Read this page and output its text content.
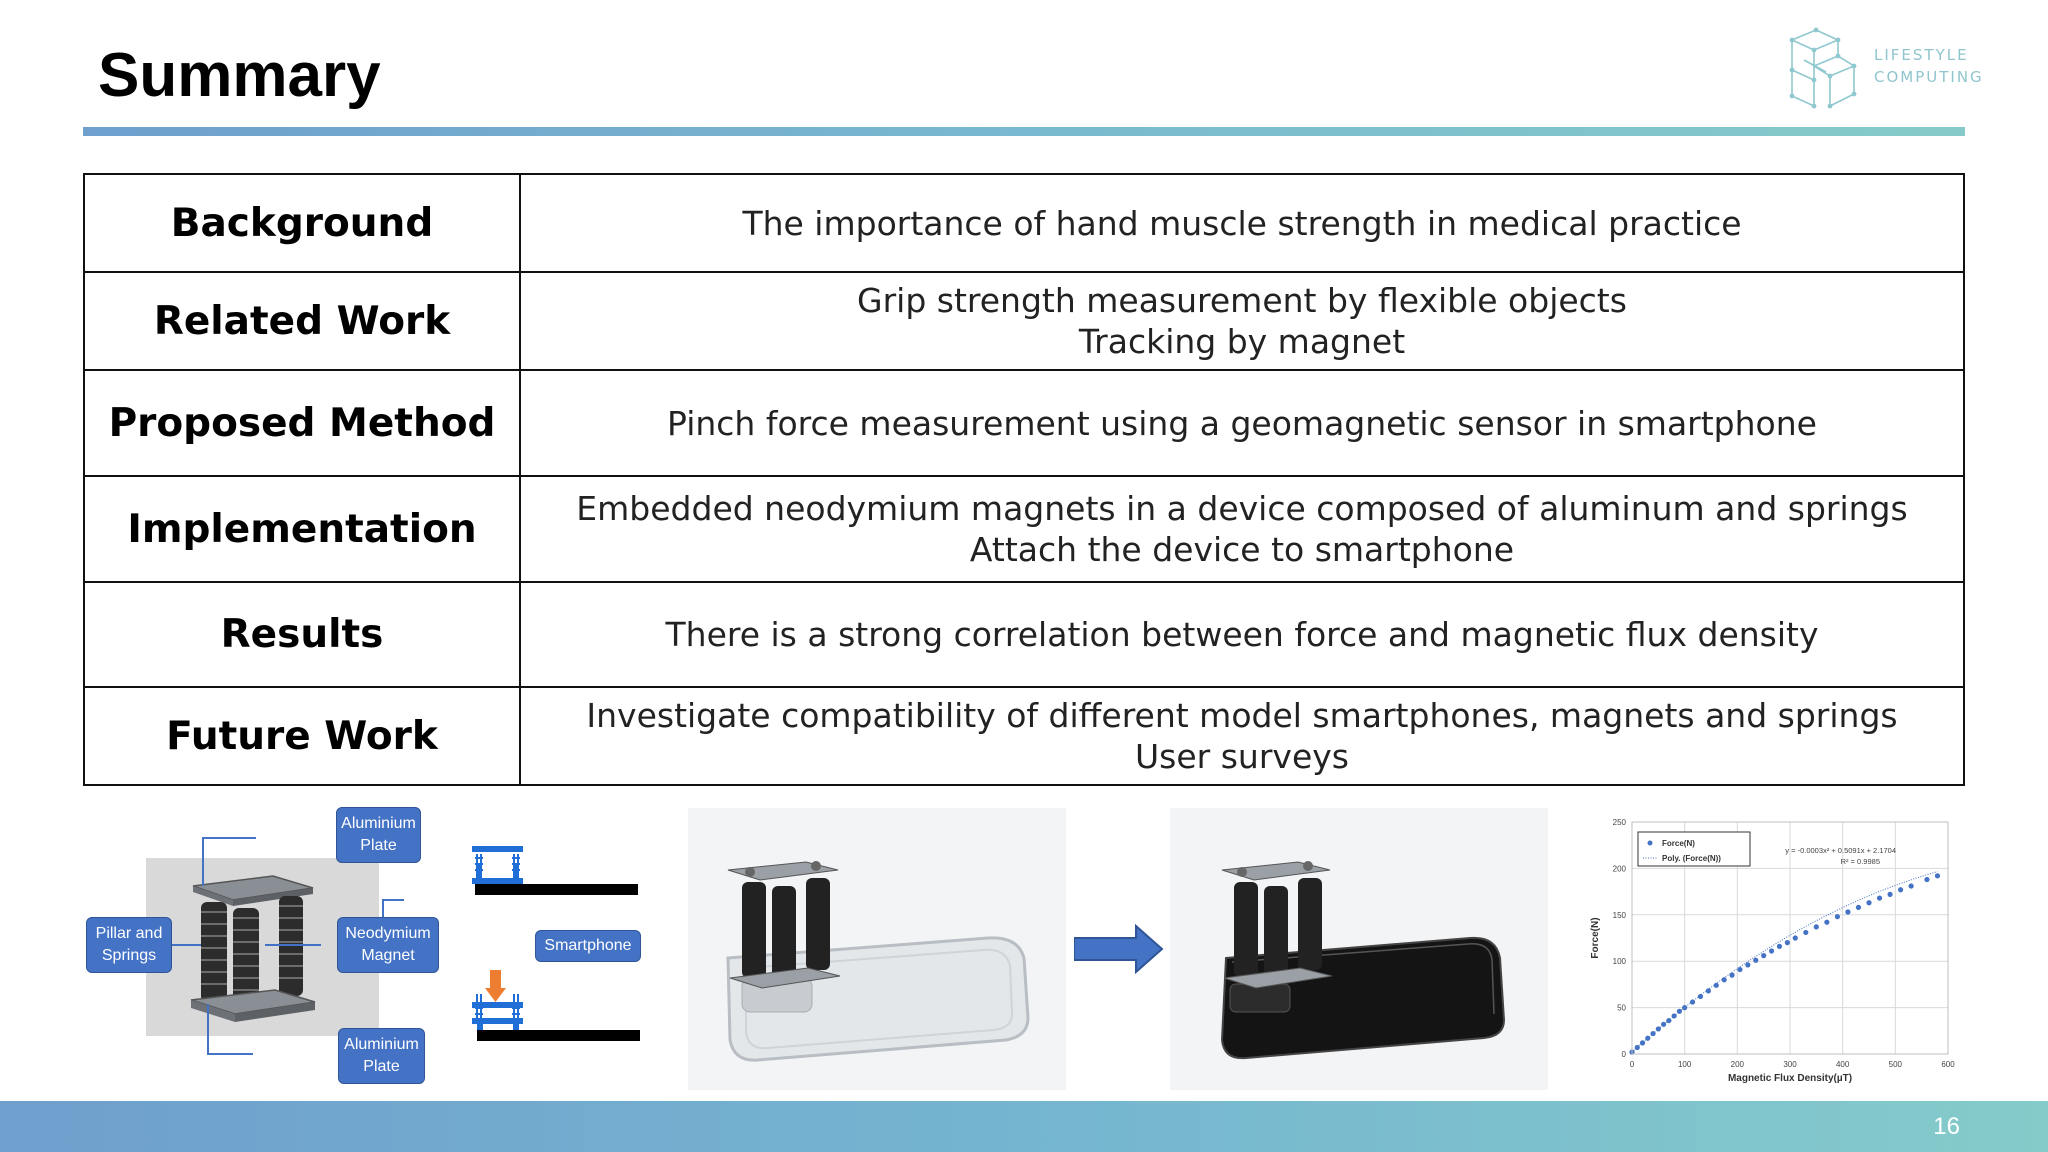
Summary	LIFESTYLE
COMPUTING
Background	The importance of hand muscle strength in medical practice

Related Work	Grip strength measurement by flexible objects
Tracking by magnet

Proposed Method	Pinch force measurement using a geomagnetic sensor in smartphone

Implementation	Embedded neodymium magnets in a device composed of aluminum and springs
Attach the device to smartphone

Results	There is a strong correlation between force and magnetic flux density

Future Work	Investigate compatibility of different model smartphones, magnets and springs
User surveys
Aluminium
Plate
Pillar and
Springs
Neodymium
Magnet
Aluminium
Plate
Smartphone
0	100	200	300	400	500	600
0
50
100
150
200
250
Magnetic Flux Density(µT)
Force(N)
Force(N)
Poly. (Force(N))
y = -0.0003x² + 0.5091x + 2.1704
R² = 0.9985
16
